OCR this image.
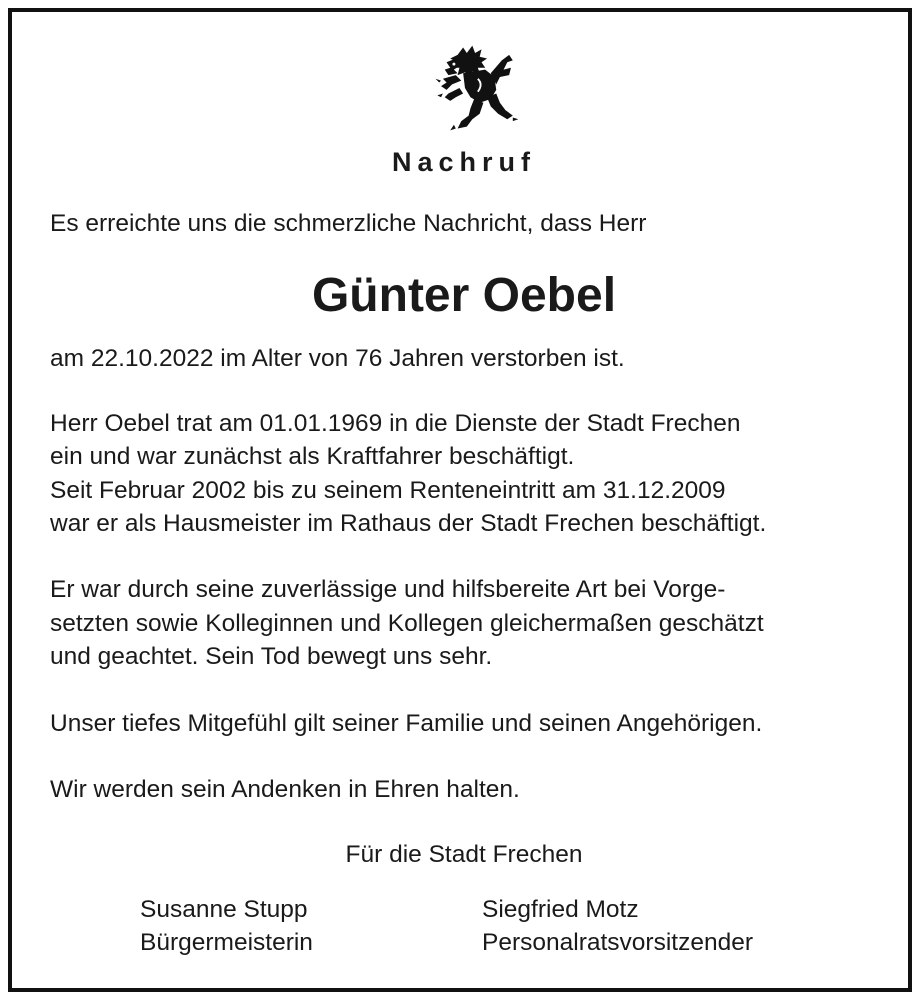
Nachruf
Es erreichte uns die schmerzliche Nachricht, dass Herr
Günter Oebel
am 22.10.2022 im Alter von 76 Jahren verstorben ist.
Herr Oebel trat am 01.01.1969 in die Dienste der Stadt Frechen
ein und war zunächst als Kraftfahrer beschäftigt.
Seit Februar 2002 bis zu seinem Renteneintritt am 31.12.2009
war er als Hausmeister im Rathaus der Stadt Frechen beschäftigt.
Er war durch seine zuverlässige und hilfsbereite Art bei Vorge-
setzten sowie Kolleginnen und Kollegen gleichermaßen geschätzt
und geachtet. Sein Tod bewegt uns sehr.
Unser tiefes Mitgefühl gilt seiner Familie und seinen Angehörigen.
Wir werden sein Andenken in Ehren halten.
Für die Stadt Frechen
Susanne Stupp
Bürgermeisterin
Siegfried Motz
Personalratsvorsitzender
